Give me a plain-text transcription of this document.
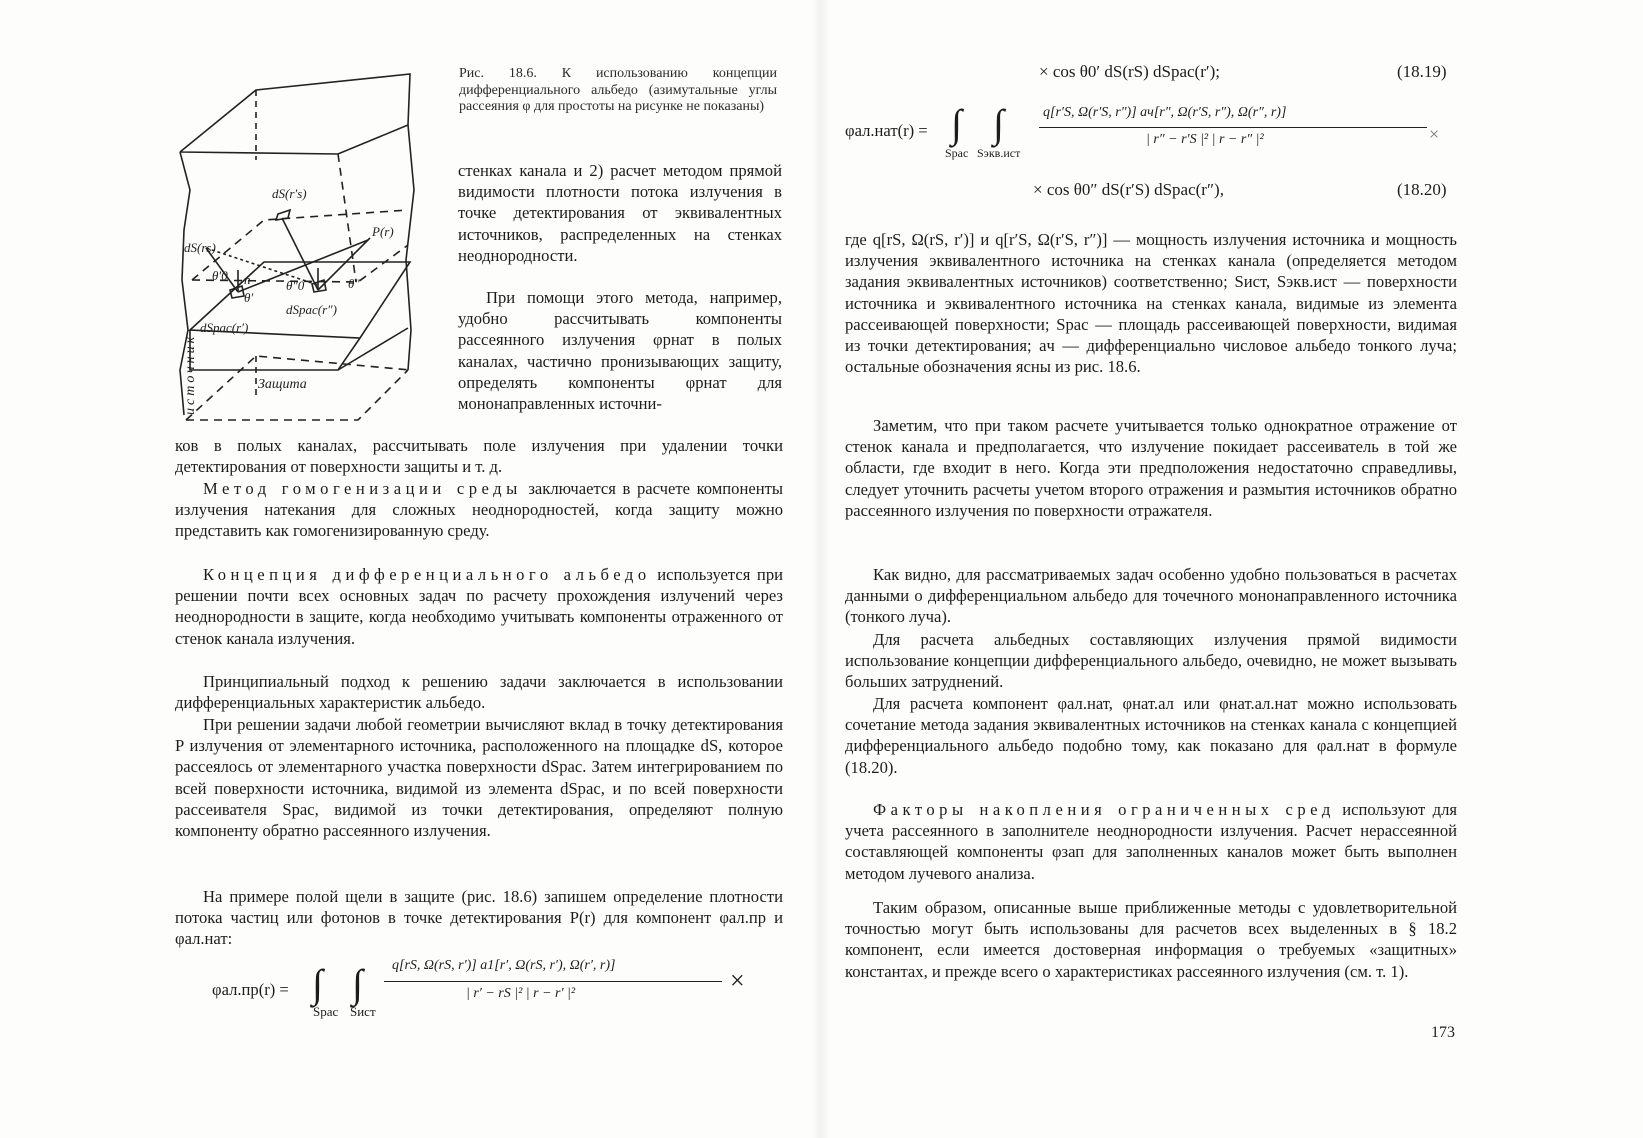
dS(r′s)
P(r)
dS(rs)
θ′0 n
θ′
dSрас(r′)
θ″0	θ″
dSрас(r″)
Защита
источник

Рис. 18.6. К использованию концепции дифференциального альбедо (азимутальные углы рассеяния φ для простоты на рисунке не показаны)

стенках канала и 2) расчет методом прямой видимости плотности потока излучения в точке детектирования от эквивалентных источников, распределенных на стенках неоднородности.

При помощи этого метода, например, удобно рассчитывать компоненты рассеянного излучения φрнат в полых каналах, частично пронизывающих защиту, определять компоненты φрнат для мононаправленных источни-

ков в полых каналах, рассчитывать поле излучения при удалении точки детектирования от поверхности защиты и т. д.

Метод гомогенизации среды заключается в расчете компоненты излучения натекания для сложных неоднородностей, когда защиту можно представить как гомогенизированную среду.

Концепция дифференциального альбедо используется при решении почти всех основных задач по расчету прохождения излучений через неоднородности в защите, когда необходимо учитывать компоненты отраженного от стенок канала излучения.

Принципиальный подход к решению задачи заключается в использовании дифференциальных характеристик альбедо.

При решении задачи любой геометрии вычисляют вклад в точку детектирования P излучения от элементарного источника, расположенного на площадке dS, которое рассеялось от элементарного участка поверхности dSрас. Затем интегрированием по всей поверхности источника, видимой из элемента dSрас, и по всей поверхности рассеивателя Sрас, видимой из точки детектирования, определяют полную компоненту обратно рассеянного излучения.

На примере полой щели в защите (рис. 18.6) запишем определение плотности потока частиц или фотонов в точке детектирования P(r) для компонент φал.пр и φал.нат:

φал.пр(r) = ∫ ∫
Sрас Sист
q[rS, Ω(rS, r′)] a1[r′, Ω(rS, r′), Ω(r′, r)]
| r′ − rS |² | r − r′ |²	×
× cos θ0′ dS(rS) dSрас(r′);	(18.19)
φал.нат(r) = ∫ ∫
Sрас Sэкв.ист
q[r′S, Ω(r′S, r″)] aч[r″, Ω(r′S, r″), Ω(r″, r)]
| r″ − r′S |² | r − r″ |²	×
× cos θ0″ dS(r′S) dSрас(r″),	(18.20)

где q[rS, Ω(rS, r′)] и q[r′S, Ω(r′S, r″)] — мощность излучения источника и мощность излучения эквивалентного источника на стенках канала (определяется методом задания эквивалентных источников) соответственно; Sист, Sэкв.ист — поверхности источника и эквивалентного источника на стенках канала, видимые из элемента рассеивающей поверхности; Sрас — площадь рассеивающей поверхности, видимая из точки детектирования; aч — дифференциально числовое альбедо тонкого луча; остальные обозначения ясны из рис. 18.6.

Заметим, что при таком расчете учитывается только однократное отражение от стенок канала и предполагается, что излучение покидает рассеиватель в той же области, где входит в него. Когда эти предположения недостаточно справедливы, следует уточнить расчеты учетом второго отражения и размытия источников обратно рассеянного излучения по поверхности отражателя.

Как видно, для рассматриваемых задач особенно удобно пользоваться в расчетах данными о дифференциальном альбедо для точечного мононаправленного источника (тонкого луча).

Для расчета альбедных составляющих излучения прямой видимости использование концепции дифференциального альбедо, очевидно, не может вызывать больших затруднений.

Для расчета компонент φал.нат, φнат.ал или φнат.ал.нат можно использовать сочетание метода задания эквивалентных источников на стенках канала с концепцией дифференциального альбедо подобно тому, как показано для φал.нат в формуле (18.20).

Факторы накопления ограниченных сред используют для учета рассеянного в заполнителе неоднородности излучения. Расчет нерассеянной составляющей компоненты φзап для заполненных каналов может быть выполнен методом лучевого анализа.

Таким образом, описанные выше приближенные методы с удовлетворительной точностью могут быть использованы для расчетов всех выделенных в § 18.2 компонент, если имеется достоверная информация о требуемых «защитных» константах, и прежде всего о характеристиках рассеянного излучения (см. т. 1).

173
